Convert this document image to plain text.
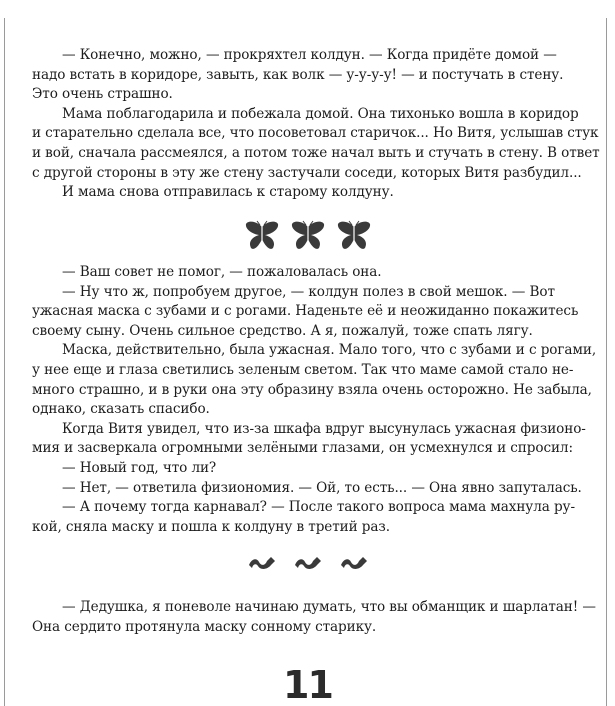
— Конечно, можно, — прокряхтел колдун. — Когда придёте домой —
надо встать в коридоре, завыть, как волк — у-у-у-у! — и постучать в стену.
Это очень страшно.
Мама поблагодарила и побежала домой. Она тихонько вошла в коридор
и старательно сделала все, что посоветовал старичок... Но Витя, услышав стук
и вой, сначала рассмеялся, а потом тоже начал выть и стучать в стену. В ответ
с другой стороны в эту же стену застучали соседи, которых Витя разбудил...
И мама снова отправилась к старому колдуну.
— Ваш совет не помог, — пожаловалась она.
— Ну что ж, попробуем другое, — колдун полез в свой мешок. — Вот
ужасная маска с зубами и с рогами. Наденьте её и неожиданно покажитесь
своему сыну. Очень сильное средство. А я, пожалуй, тоже спать лягу.
Маска, действительно, была ужасная. Мало того, что с зубами и с рогами,
у нее еще и глаза светились зеленым светом. Так что маме самой стало не-
много страшно, и в руки она эту образину взяла очень осторожно. Не забыла,
однако, сказать спасибо.
Когда Витя увидел, что из-за шкафа вдруг высунулась ужасная физионо-
мия и засверкала огромными зелёными глазами, он усмехнулся и спросил:
— Новый год, что ли?
— Нет, — ответила физиономия. — Ой, то есть... — Она явно запуталась.
— А почему тогда карнавал? — После такого вопроса мама махнула ру-
кой, сняла маску и пошла к колдуну в третий раз.
— Дедушка, я поневоле начинаю думать, что вы обманщик и шарлатан! —
Она сердито протянула маску сонному старику.
11
